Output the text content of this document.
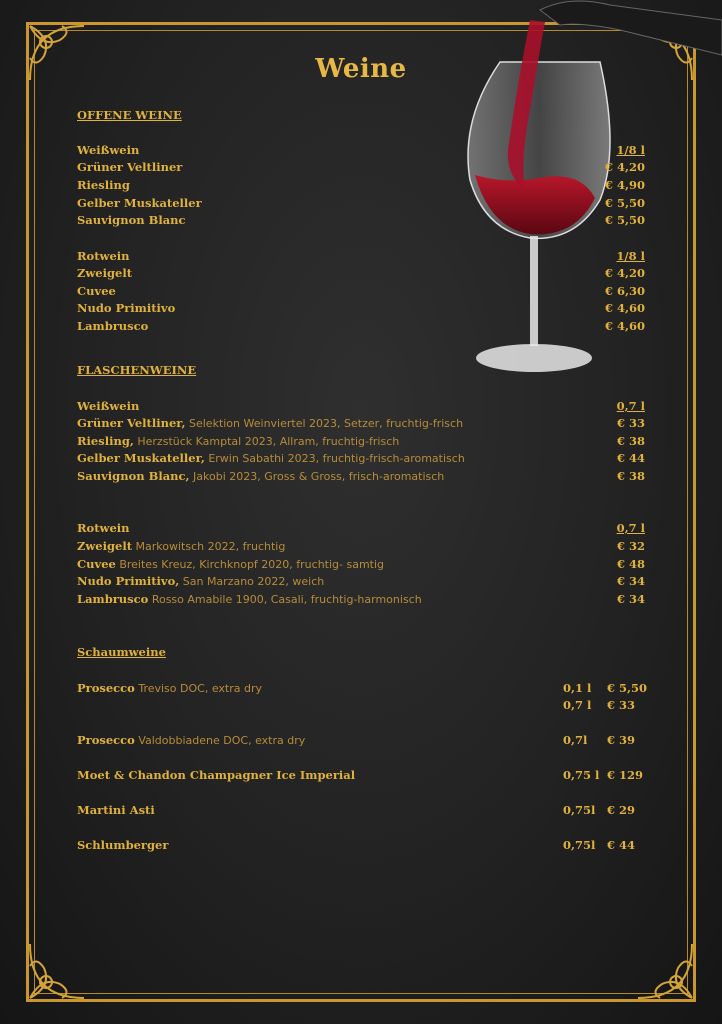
Weine
OFFENE WEINE
Weißwein	1/8 l
Grüner Veltliner	€ 4,20
Riesling	€ 4,90
Gelber Muskateller	€ 5,50
Sauvignon Blanc	€ 5,50
Rotwein	1/8 l
Zweigelt	€ 4,20
Cuvee	€ 6,30
Nudo Primitivo	€ 4,60
Lambrusco	€ 4,60
FLASCHENWEINE
Weißwein	0,7 l
Grüner Veltliner, Selektion Weinviertel 2023, Setzer, fruchtig-frisch	€ 33
Riesling, Herzstück Kamptal 2023, Allram, fruchtig-frisch	€ 38
Gelber Muskateller, Erwin Sabathi 2023, fruchtig-frisch-aromatisch	€ 44
Sauvignon Blanc, Jakobi 2023, Gross & Gross, frisch-aromatisch	€ 38
Rotwein	0,7 l
Zweigelt Markowitsch 2022, fruchtig	€ 32
Cuvee Breites Kreuz, Kirchknopf 2020, fruchtig- samtig	€ 48
Nudo Primitivo, San Marzano 2022, weich	€ 34
Lambrusco Rosso Amabile 1900, Casali, fruchtig-harmonisch	€ 34
Schaumweine
Prosecco Treviso DOC, extra dry	0,1 l € 5,50
0,7 l € 33
Prosecco Valdobbiadene DOC, extra dry	0,7l € 39
Moet & Chandon Champagner Ice Imperial	0,75 l € 129
Martini Asti	0,75l € 29
Schlumberger	0,75l € 44
